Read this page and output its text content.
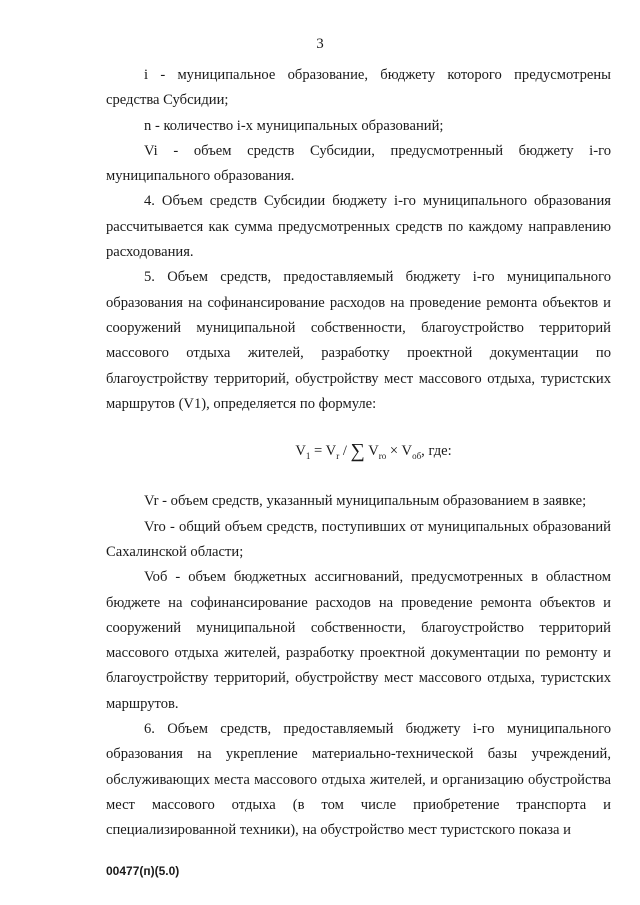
3

i - муниципальное образование, бюджету которого предусмотрены средства Субсидии;

n - количество i-х муниципальных образований;

Vi - объем средств Субсидии, предусмотренный бюджету i-го муниципального образования.

4. Объем средств Субсидии бюджету i-го муниципального образования рассчитывается как сумма предусмотренных средств по каждому направлению расходования.

5. Объем средств, предоставляемый бюджету i-го муниципального образования на софинансирование расходов на проведение ремонта объектов и сооружений муниципальной собственности, благоустройство территорий массового отдыха жителей, разработку проектной документации по благоустройству территорий, обустройству мест массового отдыха, туристских маршрутов (V1), определяется по формуле:

$V_1 = V_r$ / ∑ $V_{ro} \times V_{об}$, где:

Vr - объем средств, указанный муниципальным образованием в заявке;

Vro - общий объем средств, поступивших от муниципальных образований Сахалинской области;

Voб - объем бюджетных ассигнований, предусмотренных в областном бюджете на софинансирование расходов на проведение ремонта объектов и сооружений муниципальной собственности, благоустройство территорий массового отдыха жителей, разработку проектной документации по ремонту и благоустройству территорий, обустройству мест массового отдыха, туристских маршрутов.

6. Объем средств, предоставляемый бюджету i-го муниципального образования на укрепление материально-технической базы учреждений, обслуживающих места массового отдыха жителей, и организацию обустройства мест массового отдыха (в том числе приобретение транспорта и специализированной техники), на обустройство мест туристского показа и

00477(п)(5.0)
